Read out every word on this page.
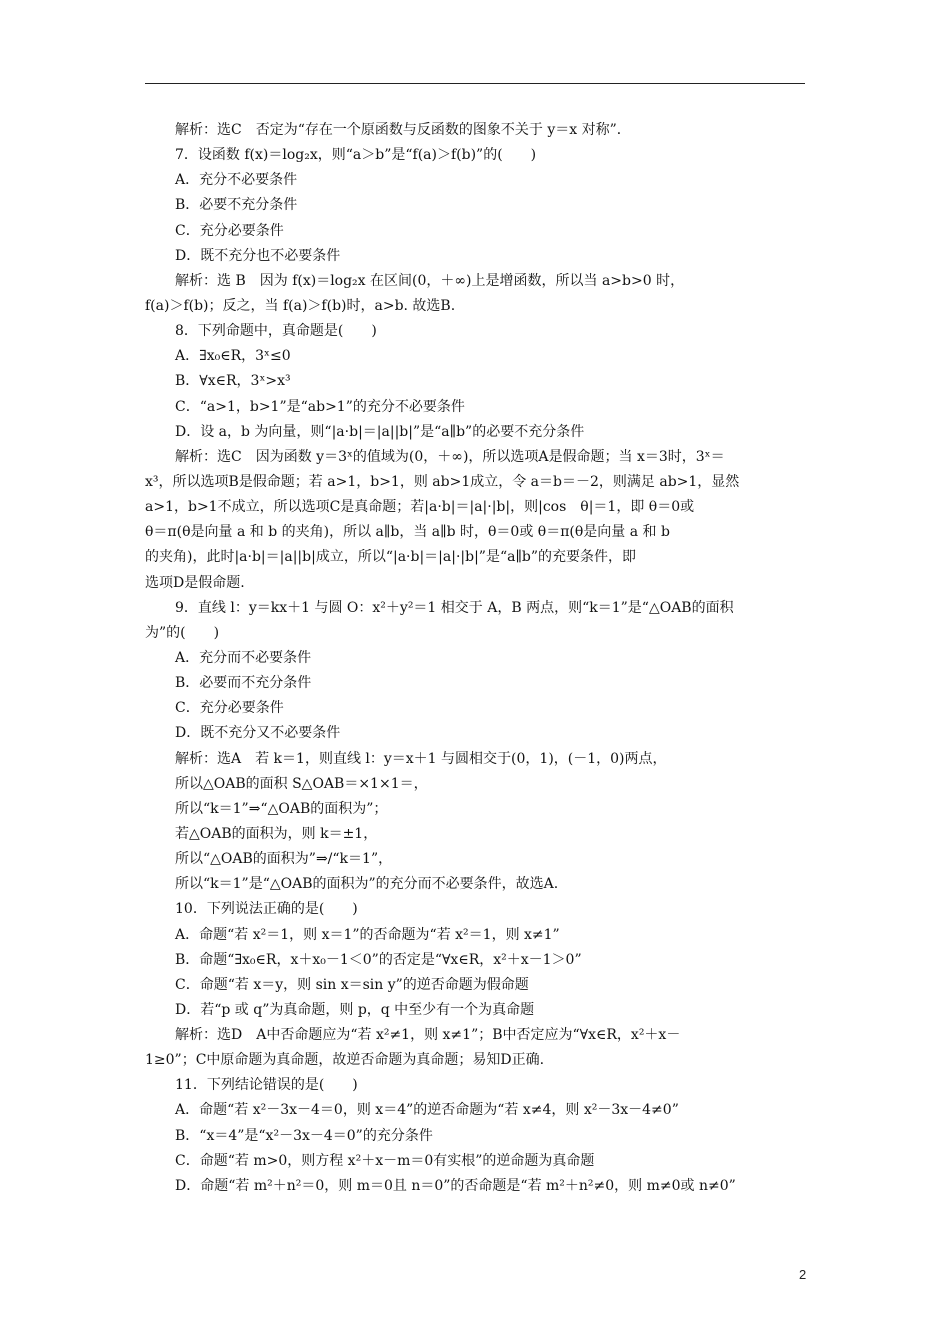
解析：选C　否定为“存在一个原函数与反函数的图象不关于 y＝x 对称”．
7．设函数 f(x)＝log₂x，则“a＞b”是“f(a)＞f(b)”的(　　)
A．充分不必要条件
B．必要不充分条件
C．充分必要条件
D．既不充分也不必要条件
解析：选 B　因为 f(x)＝log₂x 在区间(0，＋∞)上是增函数，所以当 a>b>0 时，
f(a)＞f(b)；反之，当 f(a)＞f(b)时，a>b. 故选B.
8．下列命题中，真命题是(　　)
A．∃x₀∈R，3ˣ≤0
B．∀x∈R，3ˣ>x³
C．“a>1，b>1”是“ab>1”的充分不必要条件
D．设 a，b 为向量，则“|a·b|＝|a||b|”是“a∥b”的必要不充分条件
解析：选C　因为函数 y＝3ˣ的值域为(0，＋∞)，所以选项A是假命题；当 x＝3时，3ˣ＝
x³，所以选项B是假命题；若 a>1，b>1，则 ab>1成立，令 a＝b＝－2，则满足 ab>1，显然
a>1，b>1不成立，所以选项C是真命题；若|a·b|＝|a|·|b|，则|cos　θ|＝1，即 θ＝0或
θ＝π(θ是向量 a 和 b 的夹角)，所以 a∥b，当 a∥b 时，θ＝0或 θ＝π(θ是向量 a 和 b
的夹角)，此时|a·b|＝|a||b|成立，所以“|a·b|＝|a|·|b|”是“a∥b”的充要条件，即
选项D是假命题.
9．直线 l：y＝kx＋1 与圆 O：x²＋y²＝1 相交于 A，B 两点，则“k＝1”是“△OAB的面积
为”的(　　)
A．充分而不必要条件
B．必要而不充分条件
C．充分必要条件
D．既不充分又不必要条件
解析：选A　若 k＝1，则直线 l：y＝x＋1 与圆相交于(0，1)，(－1，0)两点，
所以△OAB的面积 S△OAB＝×1×1＝，
所以“k＝1”⇒“△OAB的面积为”；
若△OAB的面积为，则 k＝±1，
所以“△OAB的面积为”⇒/“k＝1”，
所以“k＝1”是“△OAB的面积为”的充分而不必要条件，故选A.
10．下列说法正确的是(　　)
A．命题“若 x²＝1，则 x＝1”的否命题为“若 x²＝1，则 x≠1”
B．命题“∃x₀∈R，x＋x₀－1＜0”的否定是“∀x∈R，x²＋x－1＞0”
C．命题“若 x＝y，则 sin x＝sin y”的逆否命题为假命题
D．若“p 或 q”为真命题，则 p，q 中至少有一个为真命题
解析：选D　A中否命题应为“若 x²≠1，则 x≠1”；B中否定应为“∀x∈R，x²＋x－
1≥0”；C中原命题为真命题，故逆否命题为真命题；易知D正确.
11．下列结论错误的是(　　)
A．命题“若 x²－3x－4＝0，则 x＝4”的逆否命题为“若 x≠4，则 x²－3x－4≠0”
B．“x＝4”是“x²－3x－4＝0”的充分条件
C．命题“若 m>0，则方程 x²＋x－m＝0有实根”的逆命题为真命题
D．命题“若 m²＋n²＝0，则 m＝0且 n＝0”的否命题是“若 m²＋n²≠0，则 m≠0或 n≠0”
2
